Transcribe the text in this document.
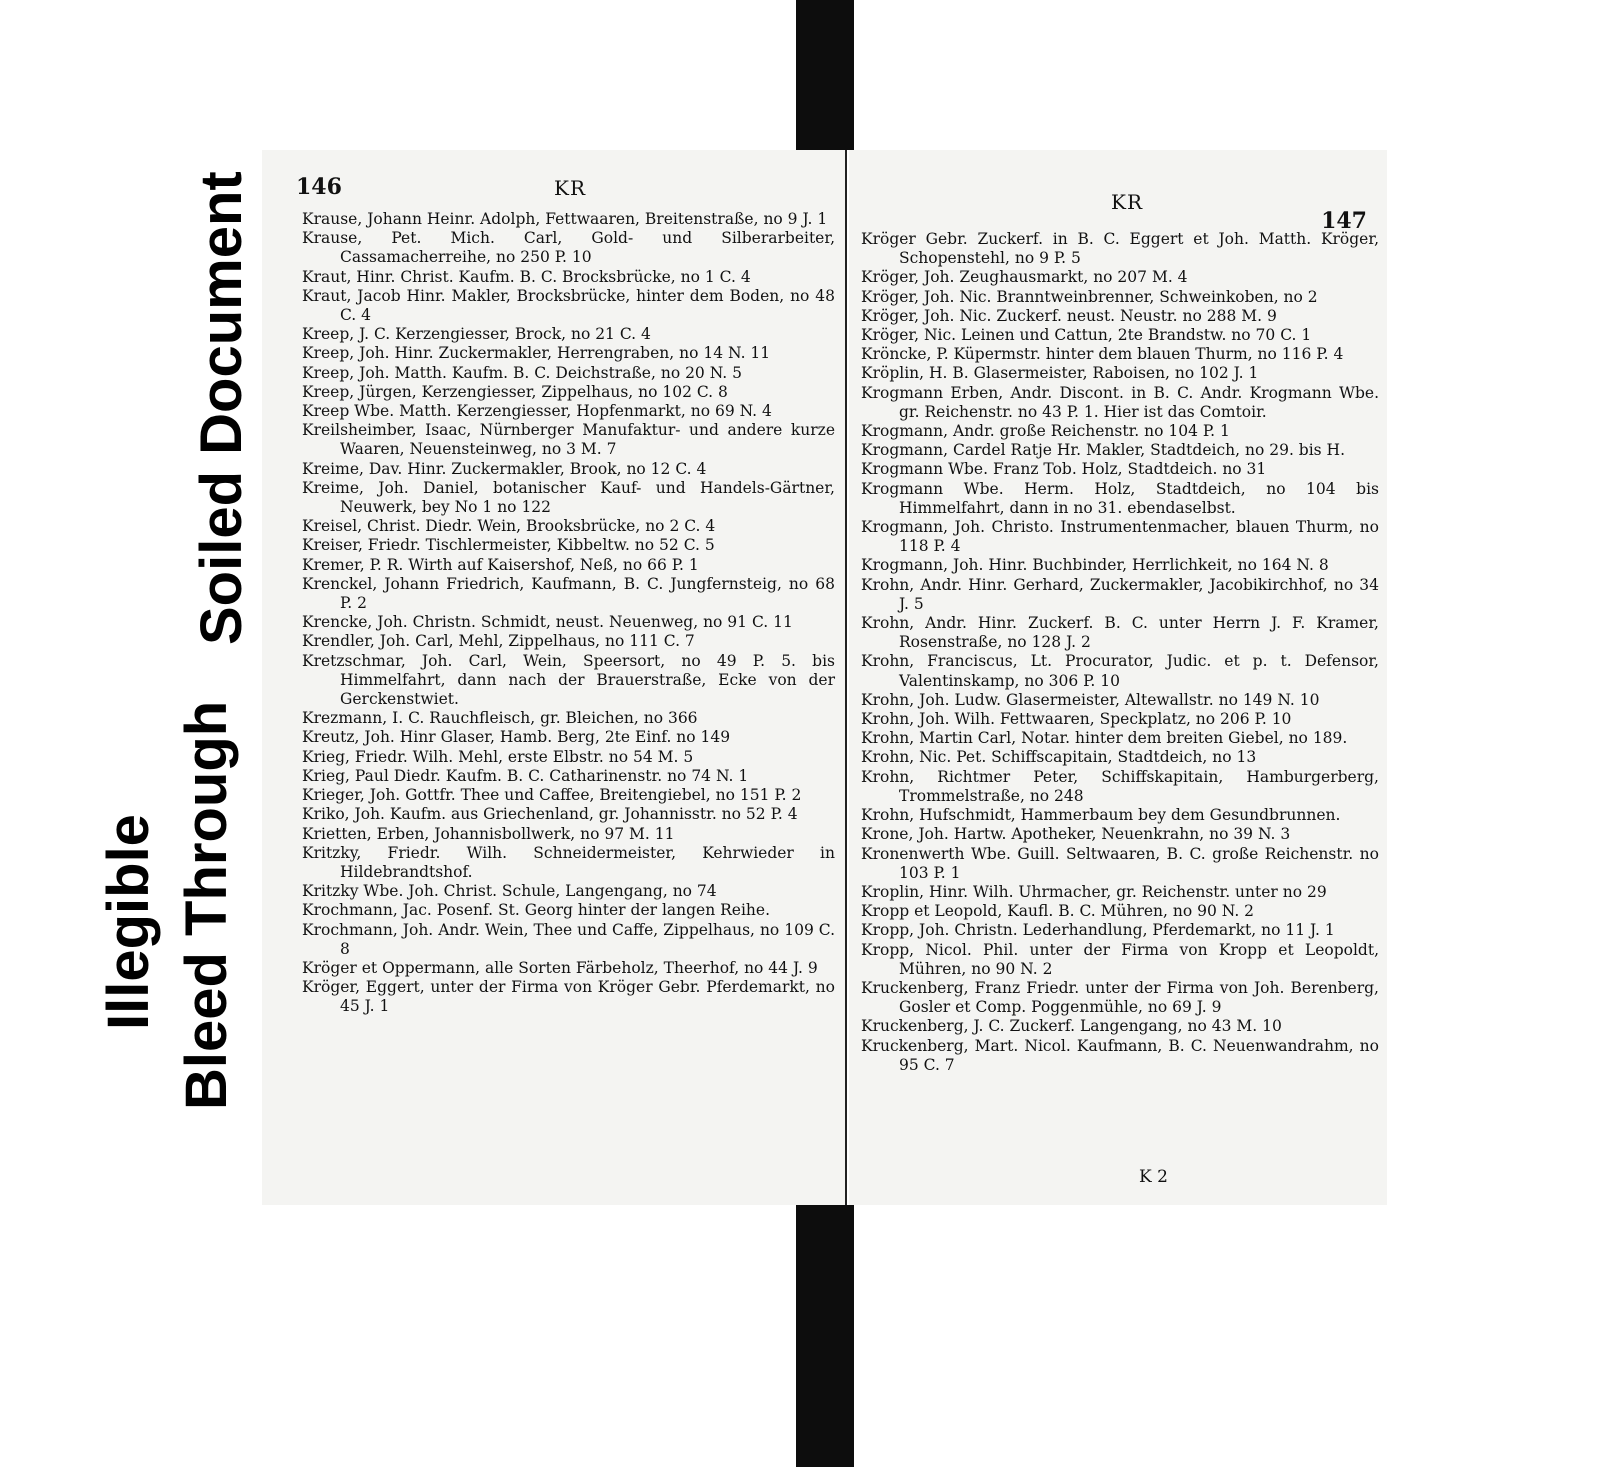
Illegible Bleed Through
Soiled Document 146	KR
Krause, Johann Heinr. Adolph, Fettwaaren, Breitenstraße, no 9 J. 1
Krause, Pet. Mich. Carl, Gold- und Silberarbeiter, Cassamacherreihe, no 250 P. 10
Kraut, Hinr. Christ. Kaufm. B. C. Brocksbrücke, no 1 C. 4
Kraut, Jacob Hinr. Makler, Brocksbrücke, hinter dem Boden, no 48 C. 4
Kreep, J. C. Kerzengiesser, Brock, no 21 C. 4
Kreep, Joh. Hinr. Zuckermakler, Herrengraben, no 14 N. 11
Kreep, Joh. Matth. Kaufm. B. C. Deichstraße, no 20 N. 5
Kreep, Jürgen, Kerzengiesser, Zippelhaus, no 102 C. 8
Kreep Wbe. Matth. Kerzengiesser, Hopfenmarkt, no 69 N. 4
Kreilsheimber, Isaac, Nürnberger Manufaktur- und andere kurze Waaren, Neuensteinweg, no 3 M. 7
Kreime, Dav. Hinr. Zuckermakler, Brook, no 12 C. 4
Kreime, Joh. Daniel, botanischer Kauf- und Handels-Gärtner, Neuwerk, bey No 1 no 122
Kreisel, Christ. Diedr. Wein, Brooksbrücke, no 2 C. 4
Kreiser, Friedr. Tischlermeister, Kibbeltw. no 52 C. 5
Kremer, P. R. Wirth auf Kaisershof, Neß, no 66 P. 1
Krenckel, Johann Friedrich, Kaufmann, B. C. Jungfernsteig, no 68 P. 2
Krencke, Joh. Christn. Schmidt, neust. Neuenweg, no 91 C. 11
Krendler, Joh. Carl, Mehl, Zippelhaus, no 111 C. 7
Kretzschmar, Joh. Carl, Wein, Speersort, no 49 P. 5. bis Himmelfahrt, dann nach der Brauerstraße, Ecke von der Gerckenstwiet.
Krezmann, I. C. Rauchfleisch, gr. Bleichen, no 366
Kreutz, Joh. Hinr Glaser, Hamb. Berg, 2te Einf. no 149
Krieg, Friedr. Wilh. Mehl, erste Elbstr. no 54 M. 5
Krieg, Paul Diedr. Kaufm. B. C. Catharinenstr. no 74 N. 1
Krieger, Joh. Gottfr. Thee und Caffee, Breitengiebel, no 151 P. 2
Kriko, Joh. Kaufm. aus Griechenland, gr. Johannisstr. no 52 P. 4
Krietten, Erben, Johannisbollwerk, no 97 M. 11
Kritzky, Friedr. Wilh. Schneidermeister, Kehrwieder in Hildebrandtshof.
Kritzky Wbe. Joh. Christ. Schule, Langengang, no 74
Krochmann, Jac. Posenf. St. Georg hinter der langen Reihe.
Krochmann, Joh. Andr. Wein, Thee und Caffe, Zippelhaus, no 109 C. 8
Kröger et Oppermann, alle Sorten Färbeholz, Theerhof, no 44 J. 9
Kröger, Eggert, unter der Firma von Kröger Gebr. Pferdemarkt, no 45 J. 1
KR
147
Kröger Gebr. Zuckerf. in B. C. Eggert et Joh. Matth. Kröger, Schopenstehl, no 9 P. 5
Kröger, Joh. Zeughausmarkt, no 207 M. 4
Kröger, Joh. Nic. Branntweinbrenner, Schweinkoben, no 2
Kröger, Joh. Nic. Zuckerf. neust. Neustr. no 288 M. 9
Kröger, Nic. Leinen und Cattun, 2te Brandstw. no 70 C. 1
Kröncke, P. Küpermstr. hinter dem blauen Thurm, no 116 P. 4
Kröplin, H. B. Glasermeister, Raboisen, no 102 J. 1
Krogmann Erben, Andr. Discont. in B. C. Andr. Krogmann Wbe. gr. Reichenstr. no 43 P. 1. Hier ist das Comtoir.
Krogmann, Andr. große Reichenstr. no 104 P. 1
Krogmann, Cardel Ratje Hr. Makler, Stadtdeich, no 29. bis H.
Krogmann Wbe. Franz Tob. Holz, Stadtdeich. no 31
Krogmann Wbe. Herm. Holz, Stadtdeich, no 104 bis Himmelfahrt, dann in no 31. ebendaselbst.
Krogmann, Joh. Christo. Instrumentenmacher, blauen Thurm, no 118 P. 4
Krogmann, Joh. Hinr. Buchbinder, Herrlichkeit, no 164 N. 8
Krohn, Andr. Hinr. Gerhard, Zuckermakler, Jacobikirchhof, no 34 J. 5
Krohn, Andr. Hinr. Zuckerf. B. C. unter Herrn J. F. Kramer, Rosenstraße, no 128 J. 2
Krohn, Franciscus, Lt. Procurator, Judic. et p. t. Defensor, Valentinskamp, no 306 P. 10
Krohn, Joh. Ludw. Glasermeister, Altewallstr. no 149 N. 10
Krohn, Joh. Wilh. Fettwaaren, Speckplatz, no 206 P. 10
Krohn, Martin Carl, Notar. hinter dem breiten Giebel, no 189.
Krohn, Nic. Pet. Schiffscapitain, Stadtdeich, no 13
Krohn, Richtmer Peter, Schiffskapitain, Hamburgerberg, Trommelstraße, no 248
Krohn, Hufschmidt, Hammerbaum bey dem Gesundbrunnen.
Krone, Joh. Hartw. Apotheker, Neuenkrahn, no 39 N. 3
Kronenwerth Wbe. Guill. Seltwaaren, B. C. große Reichenstr. no 103 P. 1
Kroplin, Hinr. Wilh. Uhrmacher, gr. Reichenstr. unter no 29
Kropp et Leopold, Kaufl. B. C. Mühren, no 90 N. 2
Kropp, Joh. Christn. Lederhandlung, Pferdemarkt, no 11 J. 1
Kropp, Nicol. Phil. unter der Firma von Kropp et Leopoldt, Mühren, no 90 N. 2
Kruckenberg, Franz Friedr. unter der Firma von Joh. Berenberg, Gosler et Comp. Poggenmühle, no 69 J. 9
Kruckenberg, J. C. Zuckerf. Langengang, no 43 M. 10
Kruckenberg, Mart. Nicol. Kaufmann, B. C. Neuenwandrahm, no 95 C. 7
K 2
